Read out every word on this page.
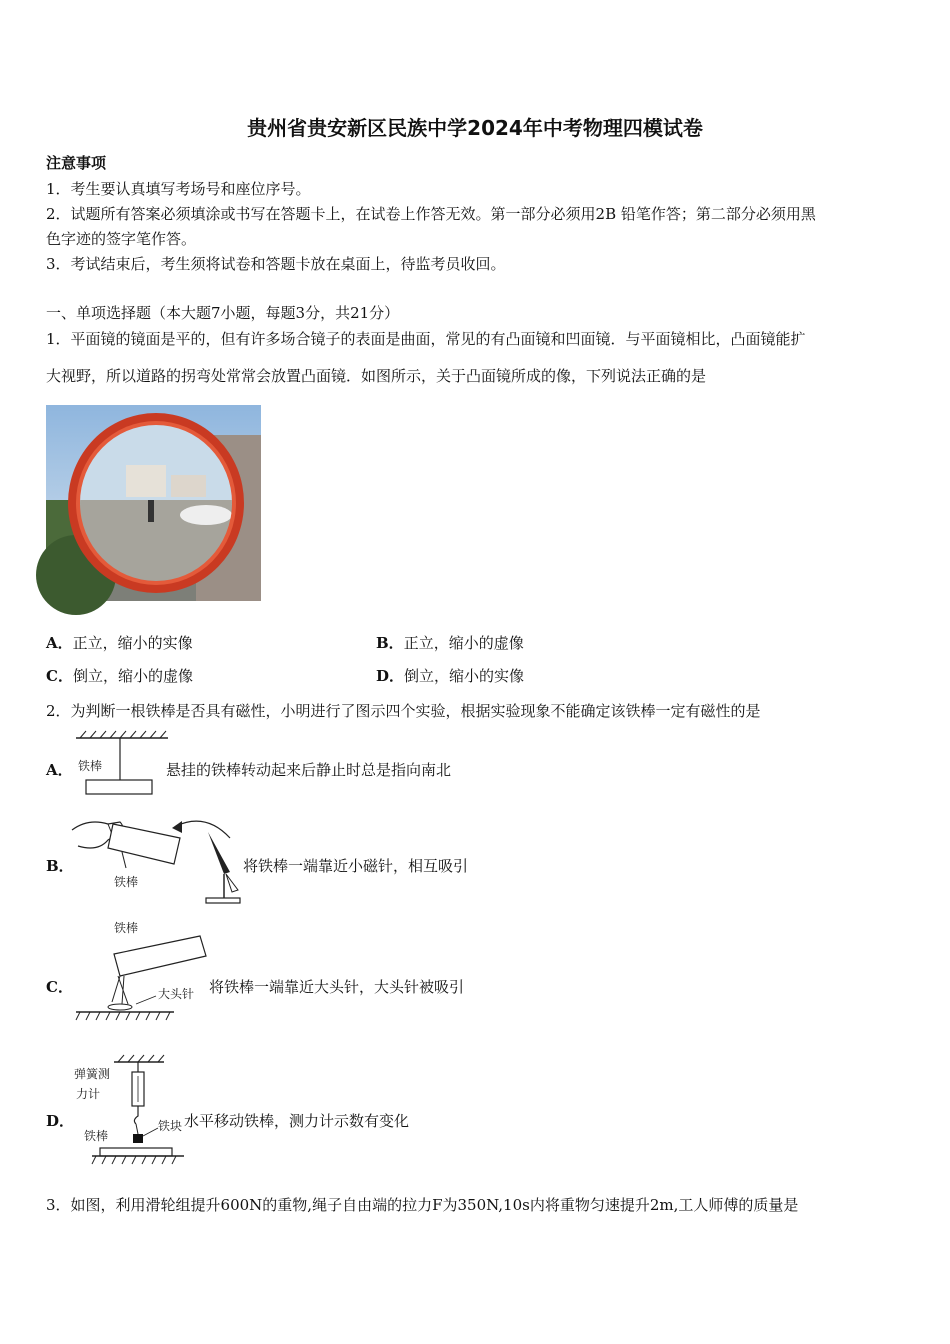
贵州省贵安新区民族中学2024年中考物理四模试卷
注意事项
1．考生要认真填写考场号和座位序号。
2．试题所有答案必须填涂或书写在答题卡上，在试卷上作答无效。第一部分必须用2B 铅笔作答；第二部分必须用黑
色字迹的签字笔作答。
3．考试结束后，考生须将试卷和答题卡放在桌面上，待监考员收回。
一、单项选择题（本大题7小题，每题3分，共21分）
1．平面镜的镜面是平的，但有许多场合镜子的表面是曲面，常见的有凸面镜和凹面镜．与平面镜相比，凸面镜能扩
大视野，所以道路的拐弯处常常会放置凸面镜．如图所示，关于凸面镜所成的像，下列说法正确的是
A．正立，缩小的实像	B．正立，缩小的虚像
C．倒立，缩小的虚像	D．倒立，缩小的实像
2．为判断一根铁棒是否具有磁性，小明进行了图示四个实验，根据实验现象不能确定该铁棒一定有磁性的是
A． 铁棒	悬挂的铁棒转动起来后静止时总是指向南北
B．
铁棒
将铁棒一端靠近小磁针，相互吸引
C．
铁棒
大头针 将铁棒一端靠近大头针，大头针被吸引
D．
弹簧测
力计
铁块
铁棒
水平移动铁棒，测力计示数有变化
3．如图，利用滑轮组提升600N的重物,绳子自由端的拉力F为350N,10s内将重物匀速提升2m,工人师傅的质量是
